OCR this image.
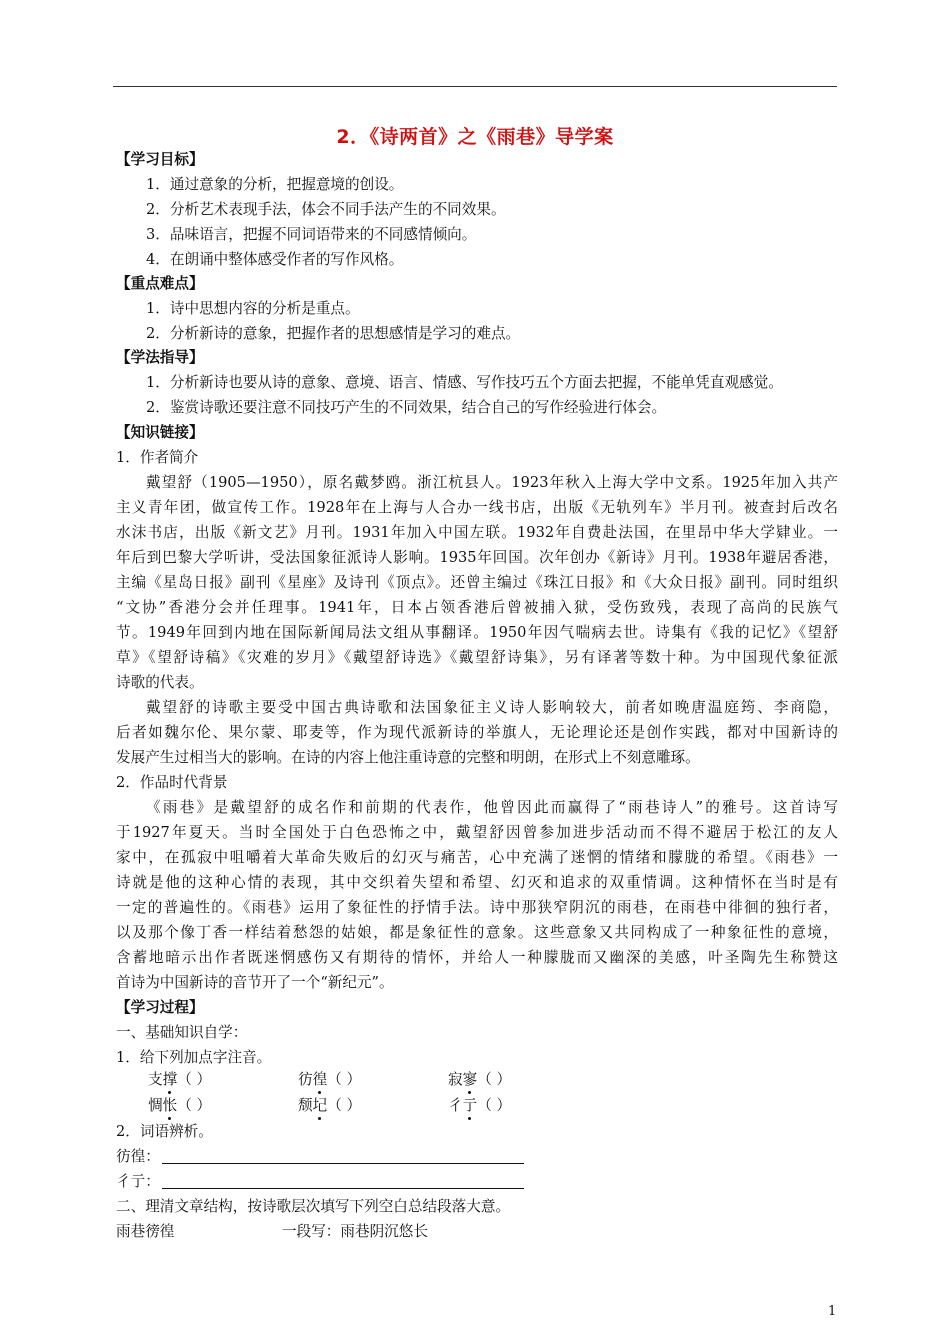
2．《诗两首》之《雨巷》导学案
【学习目标】
1．通过意象的分析，把握意境的创设。
2．分析艺术表现手法，体会不同手法产生的不同效果。
3．品味语言，把握不同词语带来的不同感情倾向。
4．在朗诵中整体感受作者的写作风格。
【重点难点】
1．诗中思想内容的分析是重点。
2．分析新诗的意象，把握作者的思想感情是学习的难点。
【学法指导】
1．分析新诗也要从诗的意象、意境、语言、情感、写作技巧五个方面去把握，不能单凭直观感觉。
2．鉴赏诗歌还要注意不同技巧产生的不同效果，结合自己的写作经验进行体会。
【知识链接】
1．作者简介
戴望舒（1905—1950），原名戴梦鸥。浙江杭县人。1923年秋入上海大学中文系。1925年加入共产
主义青年团，做宣传工作。1928年在上海与人合办一线书店，出版《无轨列车》半月刊。被查封后改名
水沫书店，出版《新文艺》月刊。1931年加入中国左联。1932年自费赴法国，在里昂中华大学肄业。一
年后到巴黎大学听讲，受法国象征派诗人影响。1935年回国。次年创办《新诗》月刊。1938年避居香港，
主编《星岛日报》副刊《星座》及诗刊《顶点》。还曾主编过《珠江日报》和《大众日报》副刊。同时组织
“文协”香港分会并任理事。1941年，日本占领香港后曾被捕入狱，受伤致残，表现了高尚的民族气
节。1949年回到内地在国际新闻局法文组从事翻译。1950年因气喘病去世。诗集有《我的记忆》《望舒
草》《望舒诗稿》《灾难的岁月》《戴望舒诗选》《戴望舒诗集》，另有译著等数十种。为中国现代象征派
诗歌的代表。
戴望舒的诗歌主要受中国古典诗歌和法国象征主义诗人影响较大，前者如晚唐温庭筠、李商隐，
后者如魏尔伦、果尔蒙、耶麦等，作为现代派新诗的举旗人，无论理论还是创作实践，都对中国新诗的
发展产生过相当大的影响。在诗的内容上他注重诗意的完整和明朗，在形式上不刻意雕琢。
2．作品时代背景
《雨巷》是戴望舒的成名作和前期的代表作，他曾因此而赢得了“雨巷诗人”的雅号。这首诗写
于1927年夏天。当时全国处于白色恐怖之中，戴望舒因曾参加进步活动而不得不避居于松江的友人
家中，在孤寂中咀嚼着大革命失败后的幻灭与痛苦，心中充满了迷惘的情绪和朦胧的希望。《雨巷》一
诗就是他的这种心情的表现，其中交织着失望和希望、幻灭和追求的双重情调。这种情怀在当时是有
一定的普遍性的。《雨巷》运用了象征性的抒情手法。诗中那狭窄阴沉的雨巷，在雨巷中徘徊的独行者，
以及那个像丁香一样结着愁怨的姑娘，都是象征性的意象。这些意象又共同构成了一种象征性的意境，
含蓄地暗示出作者既迷惘感伤又有期待的情怀，并给人一种朦胧而又幽深的美感，叶圣陶先生称赞这
首诗为中国新诗的音节开了一个“新纪元”。
【学习过程】
一、基础知识自学：
1．给下列加点字注音。
支撑（ ）	彷徨（ ）	寂寥（ ）
惆怅（ ）	颓圮（ ）	彳亍（ ）
2．词语辨析。
彷徨：
彳亍：
二、理清文章结构，按诗歌层次填写下列空白总结段落大意。
雨巷徬徨	一段写：雨巷阴沉悠长
1
